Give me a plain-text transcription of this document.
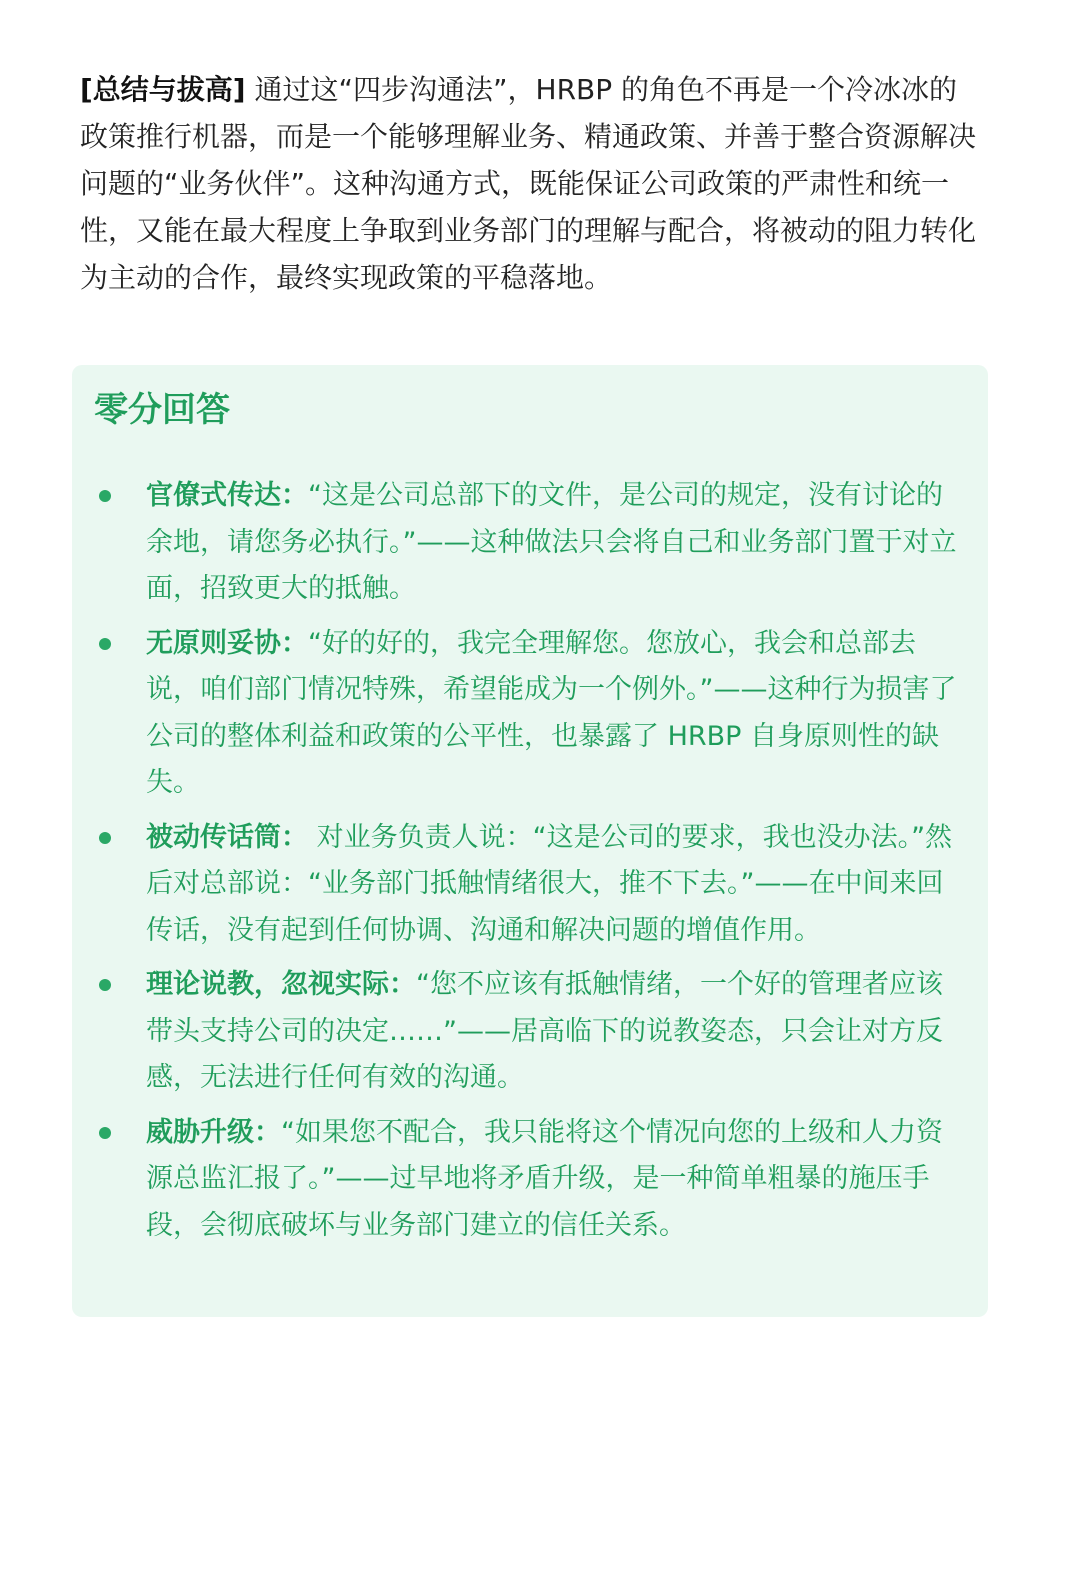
[总结与拔高] 通过这“四步沟通法”，HRBP 的角色不再是一个冷冰冰的政策推行机器，而是一个能够理解业务、精通政策、并善于整合资源解决问题的“业务伙伴”。这种沟通方式，既能保证公司政策的严肃性和统一性，又能在最大程度上争取到业务部门的理解与配合，将被动的阻力转化为主动的合作，最终实现政策的平稳落地。

零分回答
官僚式传达：“这是公司总部下的文件，是公司的规定，没有讨论的余地，请您务必执行。”——这种做法只会将自己和业务部门置于对立面，招致更大的抵触。
无原则妥协：“好的好的，我完全理解您。您放心，我会和总部去说，咱们部门情况特殊，希望能成为一个例外。”——这种行为损害了公司的整体利益和政策的公平性，也暴露了 HRBP 自身原则性的缺失。
被动传话筒： 对业务负责人说：“这是公司的要求，我也没办法。”然后对总部说：“业务部门抵触情绪很大，推不下去。”——在中间来回传话，没有起到任何协调、沟通和解决问题的增值作用。
理论说教，忽视实际：“您不应该有抵触情绪，一个好的管理者应该带头支持公司的决定……”——居高临下的说教姿态，只会让对方反感，无法进行任何有效的沟通。
威胁升级：“如果您不配合，我只能将这个情况向您的上级和人力资源总监汇报了。”——过早地将矛盾升级，是一种简单粗暴的施压手段，会彻底破坏与业务部门建立的信任关系。
